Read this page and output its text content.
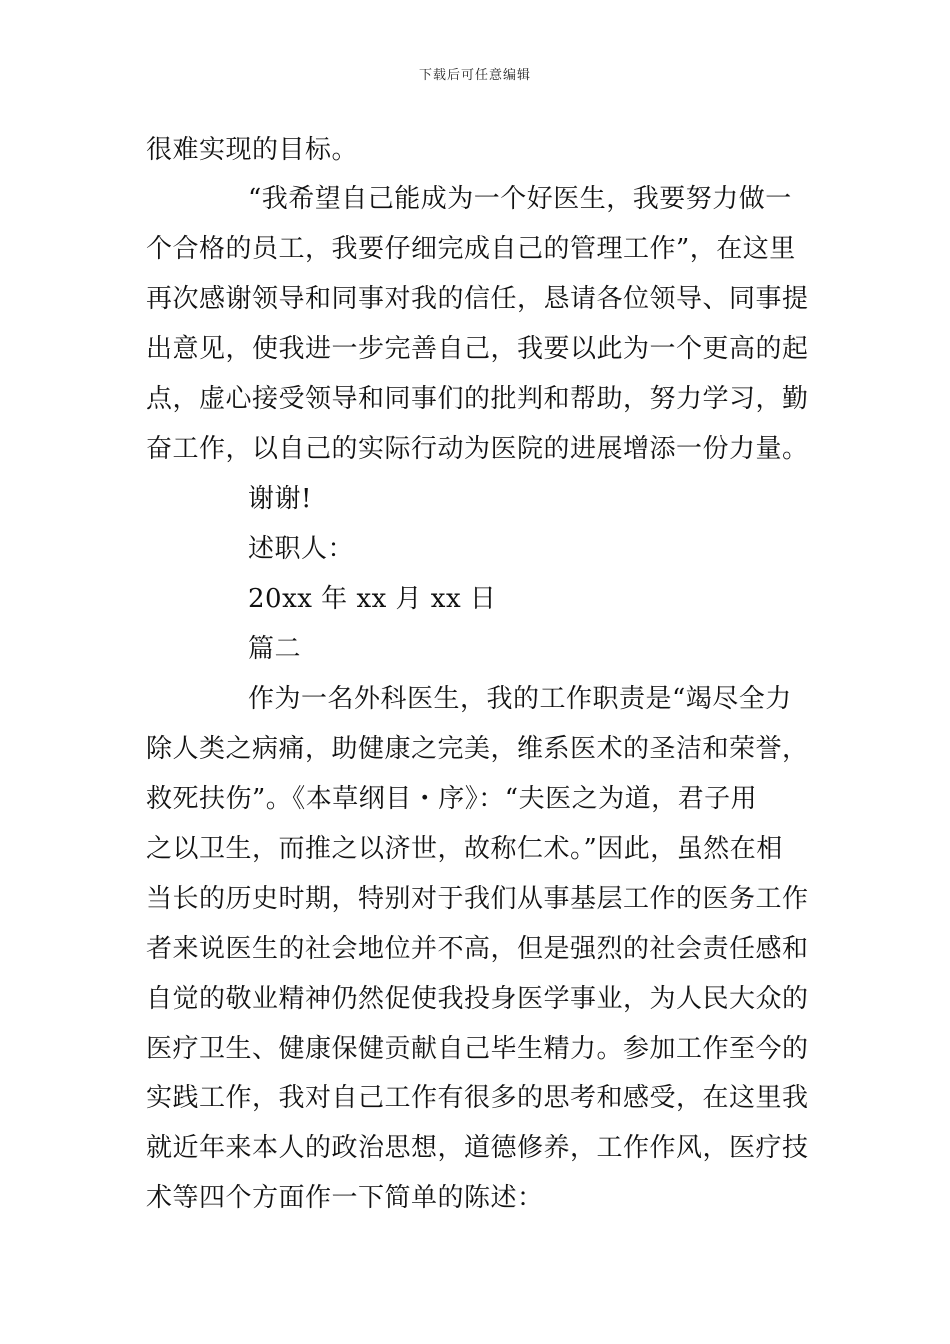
下载后可任意编辑
很难实现的目标。
“我希望自己能成为一个好医生，我要努力做一
个合格的员工，我要仔细完成自己的管理工作”，在这里
再次感谢领导和同事对我的信任，恳请各位领导、同事提
出意见，使我进一步完善自己，我要以此为一个更高的起
点，虚心接受领导和同事们的批判和帮助，努力学习，勤
奋工作，以自己的实际行动为医院的进展增添一份力量。
谢谢!
述职人：
20xx 年 xx 月 xx 日
篇二
作为一名外科医生，我的工作职责是“竭尽全力
除人类之病痛，助健康之完美，维系医术的圣洁和荣誉，
救死扶伤”。《本草纲目・序》：“夫医之为道，君子用
之以卫生，而推之以济世，故称仁术。”因此，虽然在相
当长的历史时期，特别对于我们从事基层工作的医务工作
者来说医生的社会地位并不高，但是强烈的社会责任感和
自觉的敬业精神仍然促使我投身医学事业，为人民大众的
医疗卫生、健康保健贡献自己毕生精力。参加工作至今的
实践工作，我对自己工作有很多的思考和感受，在这里我
就近年来本人的政治思想，道德修养，工作作风，医疗技
术等四个方面作一下简单的陈述：
